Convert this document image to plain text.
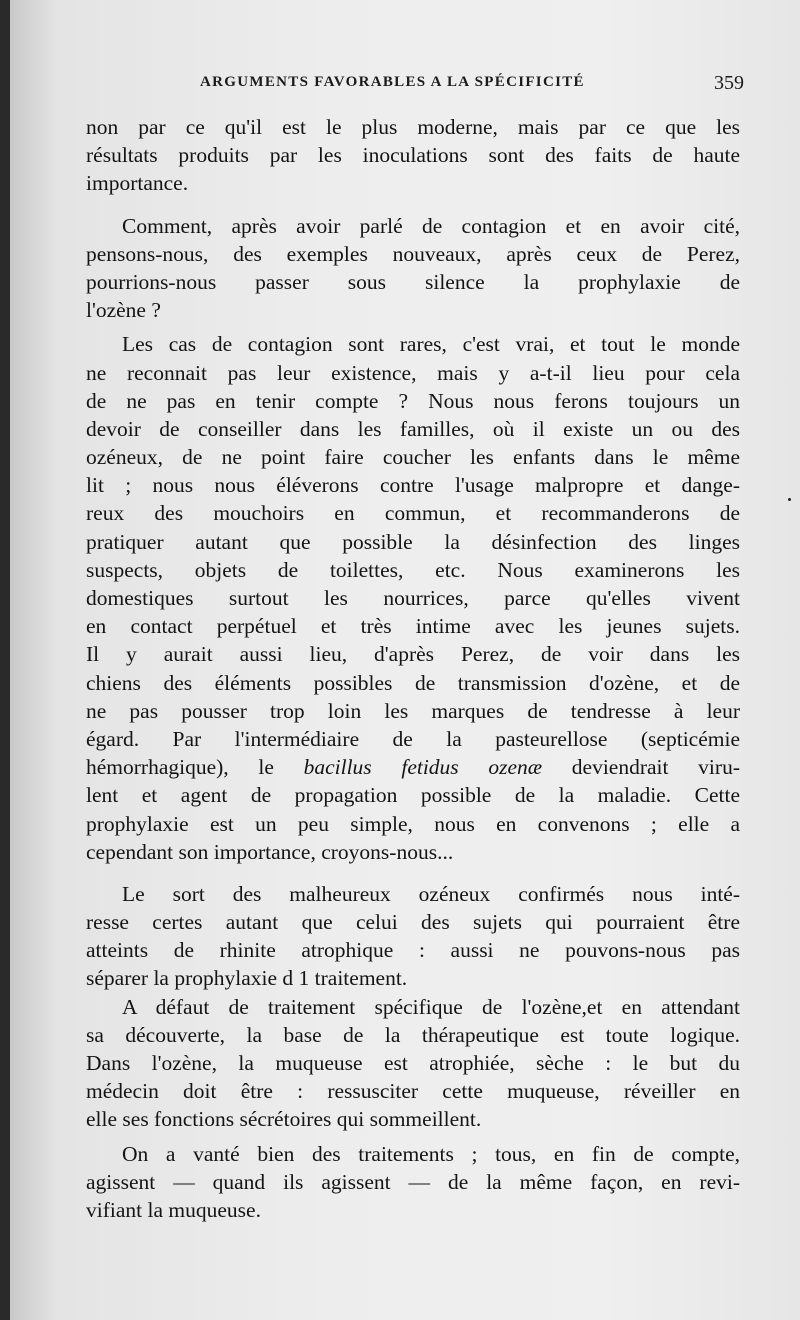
ARGUMENTS FAVORABLES A LA SPÉCIFICITÉ	359
non par ce qu'il est le plus moderne, mais par ce que les
résultats produits par les inoculations sont des faits de haute
importance.
Comment, après avoir parlé de contagion et en avoir cité,
pensons-nous, des exemples nouveaux, après ceux de Perez,
pourrions-nous passer sous silence la prophylaxie de
l'ozène ?
Les cas de contagion sont rares, c'est vrai, et tout le monde
ne reconnait pas leur existence, mais y a-t-il lieu pour cela
de ne pas en tenir compte ? Nous nous ferons toujours un
devoir de conseiller dans les familles, où il existe un ou des
ozéneux, de ne point faire coucher les enfants dans le même
lit ; nous nous éléverons contre l'usage malpropre et dange-
reux des mouchoirs en commun, et recommanderons de
pratiquer autant que possible la désinfection des linges
suspects, objets de toilettes, etc. Nous examinerons les
domestiques surtout les nourrices, parce qu'elles vivent
en contact perpétuel et très intime avec les jeunes sujets.
Il y aurait aussi lieu, d'après Perez, de voir dans les
chiens des éléments possibles de transmission d'ozène, et de
ne pas pousser trop loin les marques de tendresse à leur
égard. Par l'intermédiaire de la pasteurellose (septicémie
hémorrhagique), le bacillus fetidus ozenæ deviendrait viru-
lent et agent de propagation possible de la maladie. Cette
prophylaxie est un peu simple, nous en convenons ; elle a
cependant son importance, croyons-nous...
Le sort des malheureux ozéneux confirmés nous inté-
resse certes autant que celui des sujets qui pourraient être
atteints de rhinite atrophique : aussi ne pouvons-nous pas
séparer la prophylaxie d 1 traitement.
A défaut de traitement spécifique de l'ozène,et en attendant
sa découverte, la base de la thérapeutique est toute logique.
Dans l'ozène, la muqueuse est atrophiée, sèche : le but du
médecin doit être : ressusciter cette muqueuse, réveiller en
elle ses fonctions sécrétoires qui sommeillent.
On a vanté bien des traitements ; tous, en fin de compte,
agissent — quand ils agissent — de la même façon, en revi-
vifiant la muqueuse.
